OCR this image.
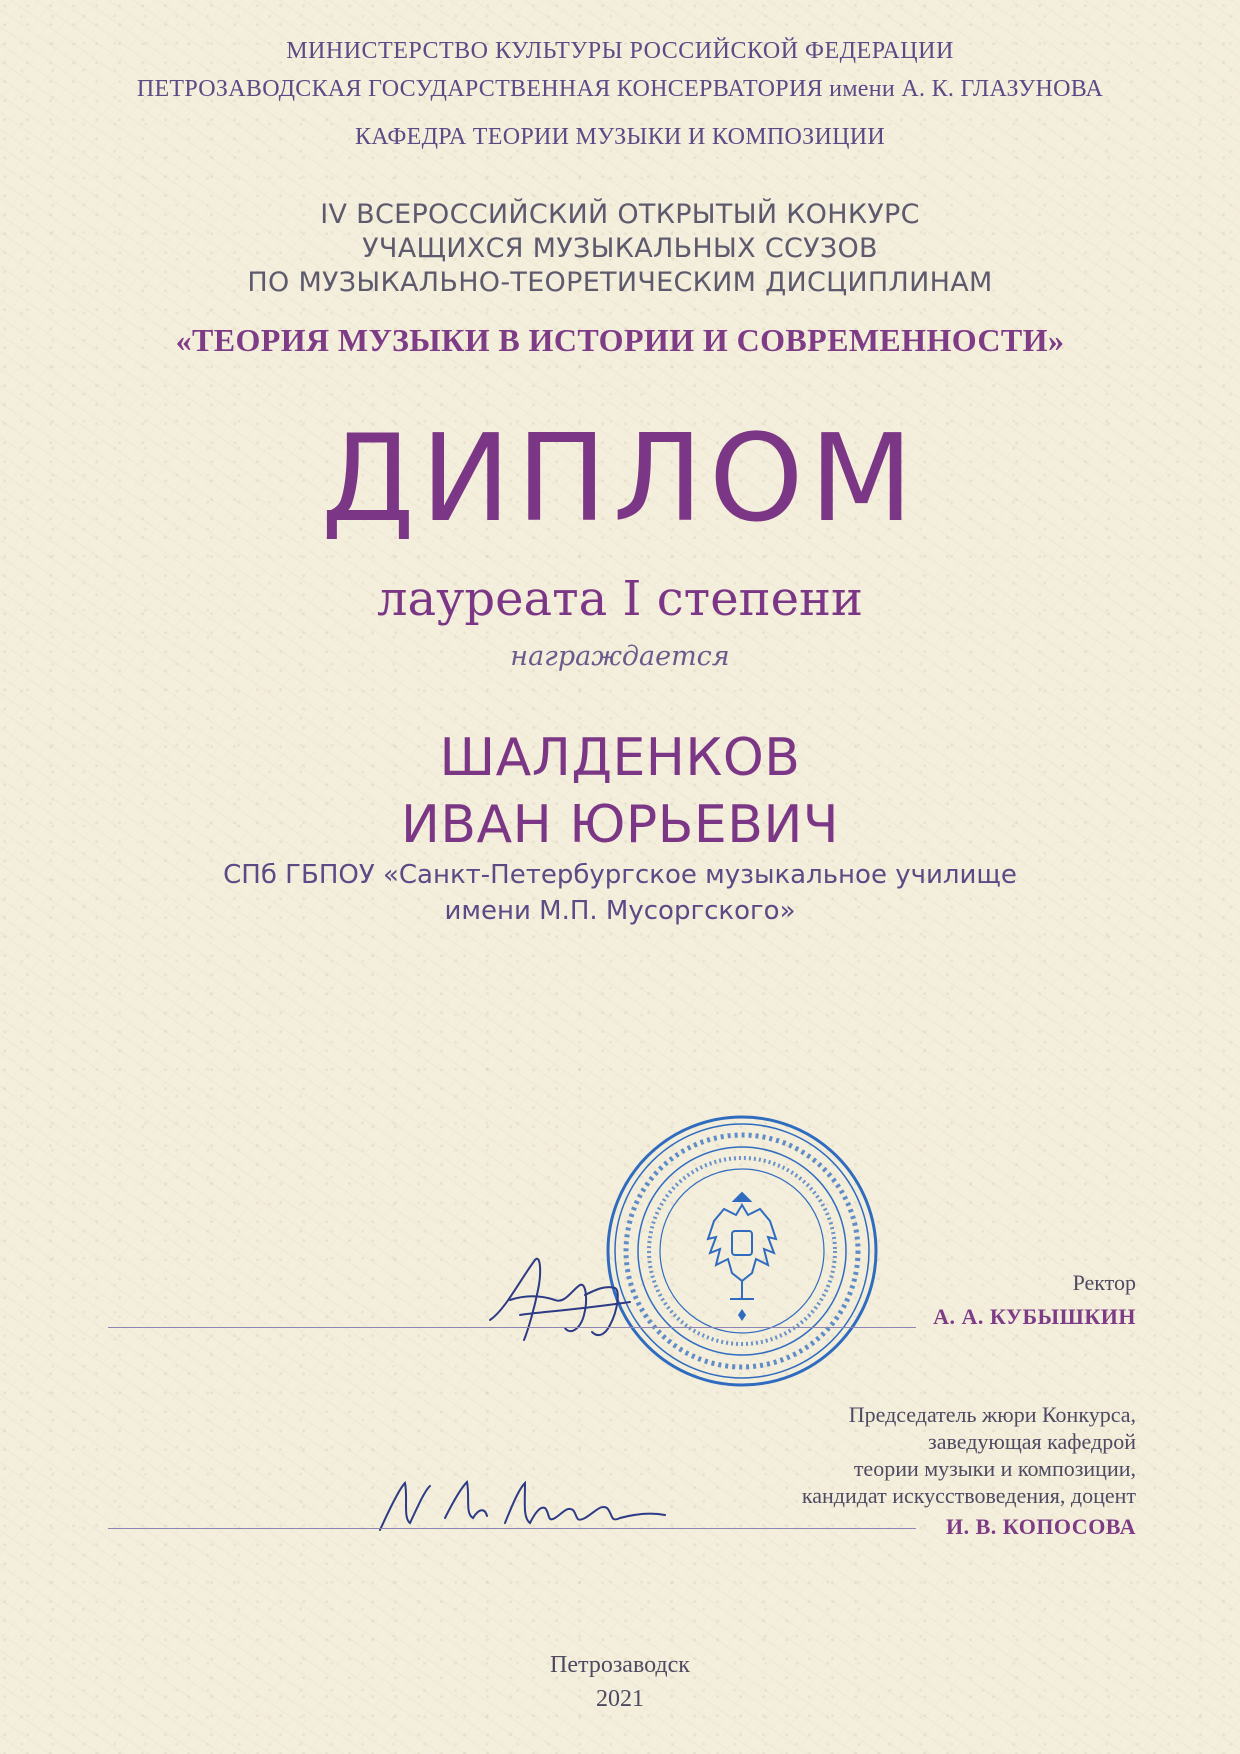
МИНИСТЕРСТВО КУЛЬТУРЫ РОССИЙСКОЙ ФЕДЕРАЦИИ
ПЕТРОЗАВОДСКАЯ ГОСУДАРСТВЕННАЯ КОНСЕРВАТОРИЯ имени А. К. ГЛАЗУНОВА
КАФЕДРА ТЕОРИИ МУЗЫКИ И КОМПОЗИЦИИ
IV ВСЕРОССИЙСКИЙ ОТКРЫТЫЙ КОНКУРС
УЧАЩИХСЯ МУЗЫКАЛЬНЫХ ССУЗОВ
ПО МУЗЫКАЛЬНО-ТЕОРЕТИЧЕСКИМ ДИСЦИПЛИНАМ
«ТЕОРИЯ МУЗЫКИ В ИСТОРИИ И СОВРЕМЕННОСТИ»
ДИПЛОМ
лауреата I степени
награждается
ШАЛДЕНКОВ
ИВАН ЮРЬЕВИЧ
СПб ГБПОУ «Санкт-Петербургское музыкальное училище
имени М.П. Мусоргского»
Ректор
А. А. КУБЫШКИН
Председатель жюри Конкурса,
заведующая кафедрой
теории музыки и композиции,
кандидат искусствоведения, доцент
И. В. КОПОСОВА
Петрозаводск
2021
